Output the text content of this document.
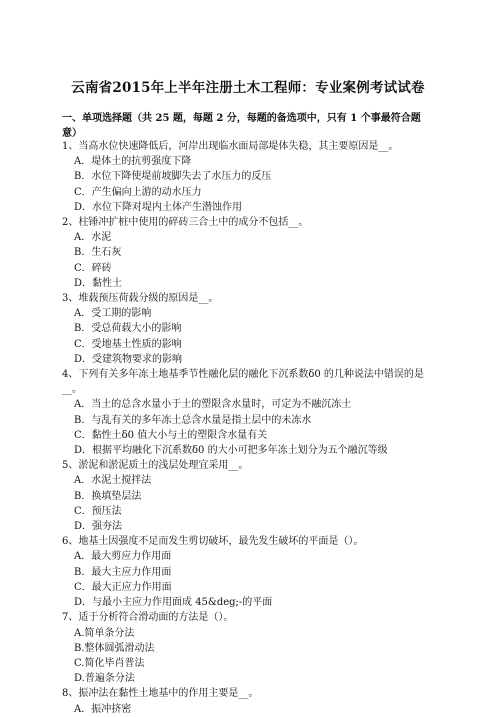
云南省2015年上半年注册土木工程师：专业案例考试试卷
一、单项选择题（共 25 题，每题 2 分，每题的备选项中，只有 1 个事最符合题意）
1、当高水位快速降低后，河岸出现临水面局部堤体失稳，其主要原因是__。
A．堤体土的抗剪强度下降
B．水位下降使堤前坡脚失去了水压力的反压
C．产生偏向上游的动水压力
D．水位下降对堤内土体产生潜蚀作用
2、柱锤冲扩桩中使用的碎砖三合土中的成分不包括__。
A．水泥
B．生石灰
C．碎砖
D．黏性土
3、堆载预压荷载分级的原因是__。
A．受工期的影响
B．受总荷载大小的影响
C．受地基土性质的影响
D．受建筑物要求的影响
4、下列有关多年冻土地基季节性融化层的融化下沉系数δ0 的几种说法中错误的是__。
A．当土的总含水量小于土的塑限含水量时，可定为不融沉冻土
B．与乱有关的多年冻土总含水量是指土层中的未冻水
C．黏性土δ0 值大小与土的塑限含水量有关
D．根据平均融化下沉系数δ0 的大小可把多年冻土划分为五个融沉等级
5、淤泥和淤泥质土的浅层处理宜采用__。
A．水泥土搅拌法
B．换填垫层法
C．预压法
D．强夯法
6、地基土因强度不足而发生剪切破坏，最先发生破坏的平面是（）。
A．最大剪应力作用面
B．最大主应力作用面
C．最大正应力作用面
D．与最小主应力作用面成 45&deg;-的平面
7、适于分析符合滑动面的方法是（）。
A.简单条分法
B.整体圆弧滑动法
C.简化毕肖普法
D.普遍条分法
8、振冲法在黏性土地基中的作用主要是__。
A．振冲挤密
